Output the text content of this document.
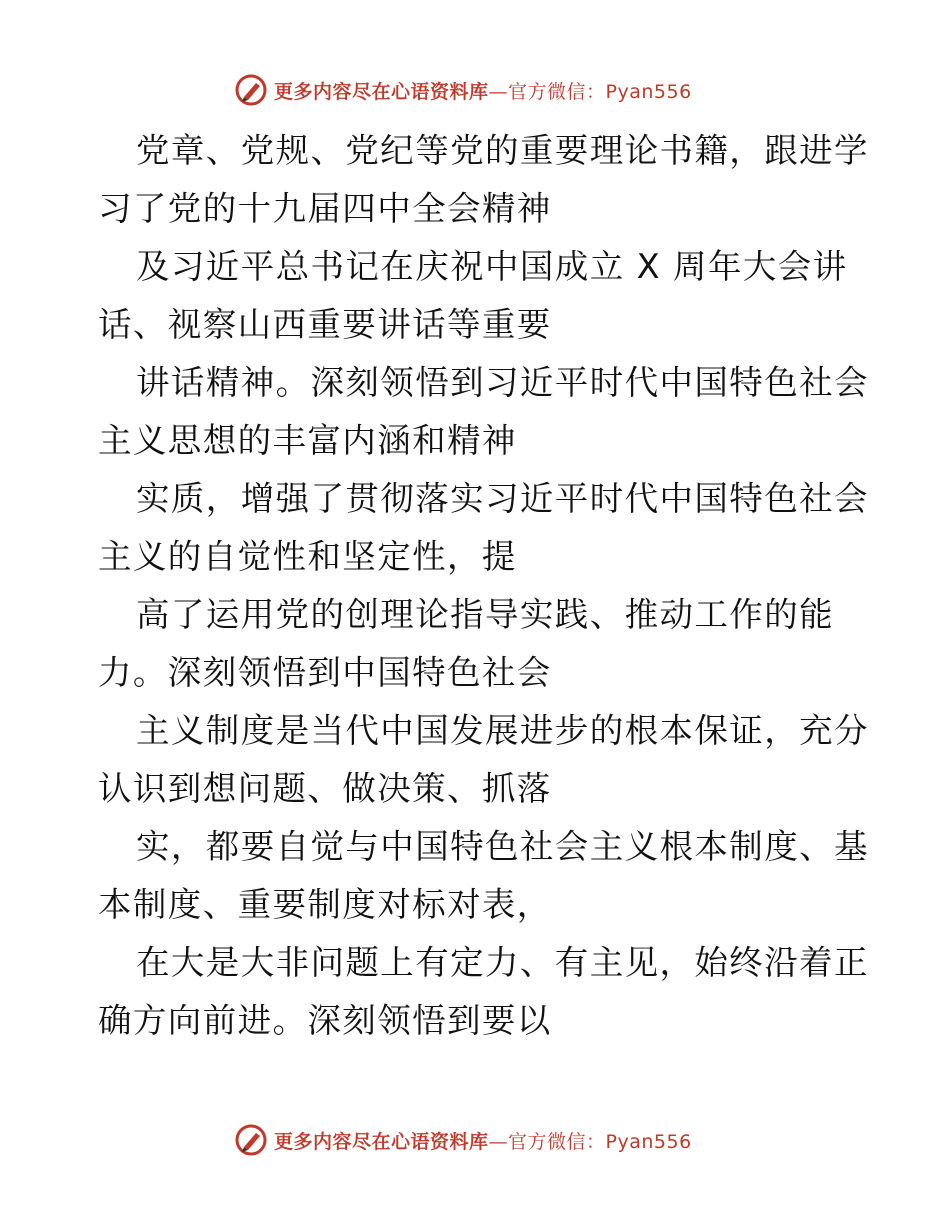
更多内容尽在心语资料库—官方微信：Pyan556
党章、党规、党纪等党的重要理论书籍，跟进学
习了党的十九届四中全会精神
及习近平总书记在庆祝中国成立 X 周年大会讲
话、视察山西重要讲话等重要
讲话精神。深刻领悟到习近平时代中国特色社会
主义思想的丰富内涵和精神
实质，增强了贯彻落实习近平时代中国特色社会
主义的自觉性和坚定性，提
高了运用党的创理论指导实践、推动工作的能
力。深刻领悟到中国特色社会
主义制度是当代中国发展进步的根本保证，充分
认识到想问题、做决策、抓落
实，都要自觉与中国特色社会主义根本制度、基
本制度、重要制度对标对表，
在大是大非问题上有定力、有主见，始终沿着正
确方向前进。深刻领悟到要以
更多内容尽在心语资料库—官方微信：Pyan556
